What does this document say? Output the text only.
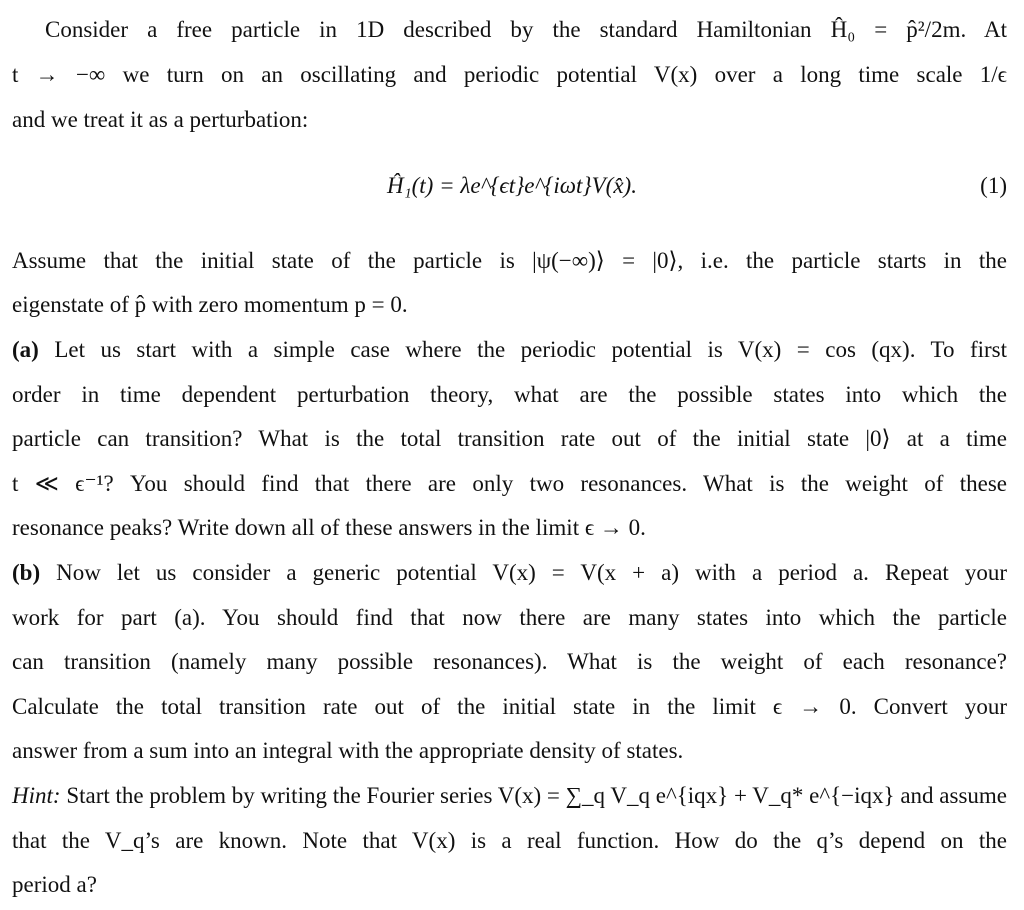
Consider a free particle in 1D described by the standard Hamiltonian Ĥ₀ = p̂²/2m. At
t → −∞ we turn on an oscillating and periodic potential V(x) over a long time scale 1/ϵ
and we treat it as a perturbation:
Ĥ₁(t) = λe^{ϵt}e^{iωt}V(x̂).	(1)
Assume that the initial state of the particle is |ψ(−∞)⟩ = |0⟩, i.e. the particle starts in the
eigenstate of p̂ with zero momentum p = 0.
(a) Let us start with a simple case where the periodic potential is V(x) = cos (qx). To first
order in time dependent perturbation theory, what are the possible states into which the
particle can transition? What is the total transition rate out of the initial state |0⟩ at a time
t ≪ ϵ⁻¹? You should find that there are only two resonances. What is the weight of these
resonance peaks? Write down all of these answers in the limit ϵ → 0.
(b) Now let us consider a generic potential V(x) = V(x + a) with a period a. Repeat your
work for part (a). You should find that now there are many states into which the particle
can transition (namely many possible resonances). What is the weight of each resonance?
Calculate the total transition rate out of the initial state in the limit ϵ → 0. Convert your
answer from a sum into an integral with the appropriate density of states.
Hint: Start the problem by writing the Fourier series V(x) = ∑_q V_q e^{iqx} + V_q* e^{−iqx} and assume
that the V_q’s are known. Note that V(x) is a real function. How do the q’s depend on the
period a?
